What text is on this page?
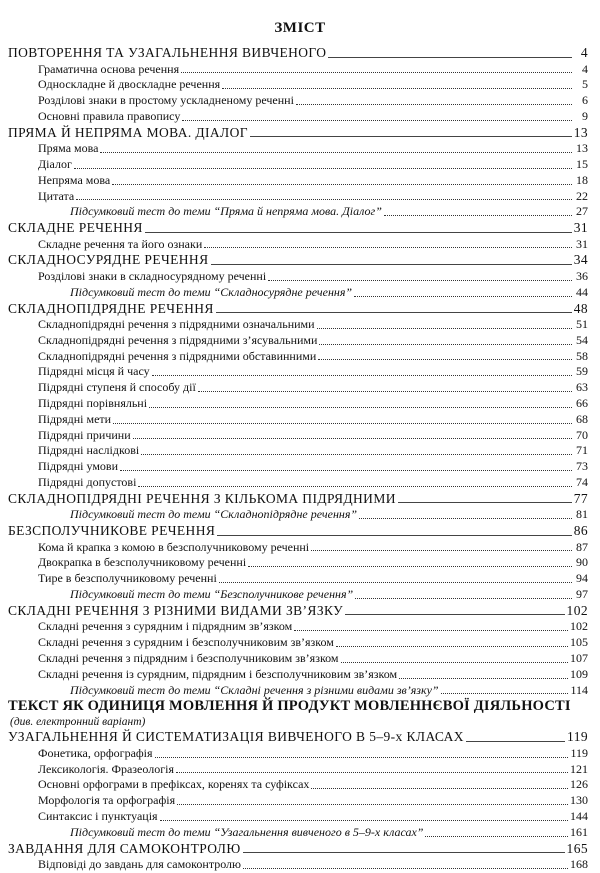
ЗМІСТ
ПОВТОРЕННЯ ТА УЗАГАЛЬНЕННЯ ВИВЧЕНОГО	4
Граматична основа речення	4
Односкладне й двоскладне речення	5
Розділові знаки в простому ускладненому реченні	6
Основні правила правопису	9
ПРЯМА Й НЕПРЯМА МОВА. ДІАЛОГ	13
Пряма мова	13
Діалог	15
Непряма мова	18
Цитата	22
Підсумковий тест до теми “Пряма й непряма мова. Діалог”	27
СКЛАДНЕ РЕЧЕННЯ	31
Складне речення та його ознаки	31
СКЛАДНОСУРЯДНЕ РЕЧЕННЯ	34
Розділові знаки в складносурядному реченні	36
Підсумковий тест до теми “Складносурядне речення”	44
СКЛАДНОПІДРЯДНЕ РЕЧЕННЯ	48
Складнопідрядні речення з підрядними означальними	51
Складнопідрядні речення з підрядними з’ясувальними	54
Складнопідрядні речення з підрядними обставинними	58
Підрядні місця й часу	59
Підрядні ступеня й способу дії	63
Підрядні порівняльні	66
Підрядні мети	68
Підрядні причини	70
Підрядні наслідкові	71
Підрядні умови	73
Підрядні допустові	74
СКЛАДНОПІДРЯДНІ РЕЧЕННЯ З КІЛЬКОМА ПІДРЯДНИМИ	77
Підсумковий тест до теми “Складнопідрядне речення”	81
БЕЗСПОЛУЧНИКОВЕ РЕЧЕННЯ	86
Кома й крапка з комою в безсполучниковому реченні	87
Двокрапка в безсполучниковому реченні	90
Тире в безсполучниковому реченні	94
Підсумковий тест до теми “Безсполучникове речення”	97
СКЛАДНІ РЕЧЕННЯ З РІЗНИМИ ВИДАМИ ЗВ’ЯЗКУ	102
Складні речення з сурядним і підрядним зв’язком	102
Складні речення з сурядним і безсполучниковим зв’язком	105
Складні речення з підрядним і безсполучниковим зв’язком	107
Складні речення із сурядним, підрядним і безсполучниковим зв’язком	109
Підсумковий тест до теми “Складні речення з різними видами зв’язку”	114
ТЕКСТ ЯК ОДИНИЦЯ МОВЛЕННЯ Й ПРОДУКТ МОВЛЕННЄВОЇ ДІЯЛЬНОСТІ
(див. електронний варіант)
УЗАГАЛЬНЕННЯ Й СИСТЕМАТИЗАЦІЯ ВИВЧЕНОГО В 5–9-х КЛАСАХ	119
Фонетика, орфографія	119
Лексикологія. Фразеологія	121
Основні орфограми в префіксах, коренях та суфіксах	126
Морфологія та орфографія	130
Синтаксис і пунктуація	144
Підсумковий тест до теми “Узагальнення вивченого в 5–9-х класах”	161
ЗАВДАННЯ ДЛЯ САМОКОНТРОЛЮ	165
Відповіді до завдань для самоконтролю	168
